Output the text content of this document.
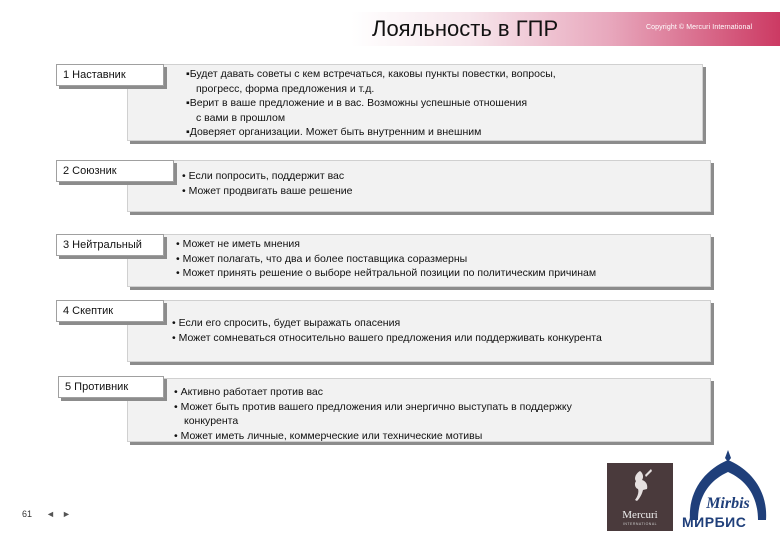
Лояльность в ГПР	Copyright © Mercuri International
1 Наставник	▪Будет давать советы с кем встречаться, каковы пункты повестки, вопросы,
прогресс, форма предложения и т.д.
▪Верит в ваше предложение и в вас. Возможны успешные отношения
с вами в прошлом
▪Доверяет организации. Может быть внутренним и внешним
2 Союзник	• Если попросить, поддержит вас
• Может продвигать ваше решение
3 Нейтральный	• Может не иметь мнения
• Может полагать, что два и более поставщика соразмерны
• Может принять решение о выборе нейтральной позиции по политическим причинам
4 Скептик
• Если его спросить, будет выражать опасения
• Может сомневаться относительно вашего предложения или поддерживать конкурента
5 Противник	• Активно работает против вас
• Может быть против вашего предложения или энергично выступать в поддержку
конкурента
• Может иметь личные, коммерческие или технические мотивы
61 ◄ ►	Mercuri
INTERNATIONAL
Mirbis
МИРБИС
